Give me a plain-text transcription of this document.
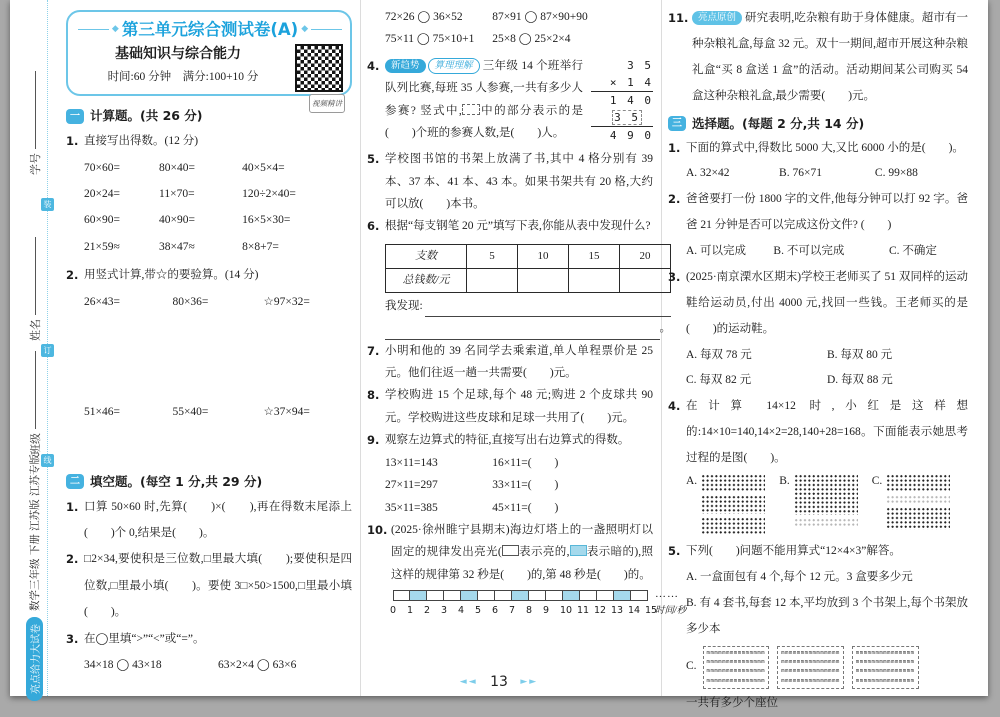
装
订
线
学号
姓名
班级
亮点给力大试卷
数学三年级 下册 江苏版 江苏专版
◆ 第三单元综合测试卷(A) ◆
基础知识与综合能力
时间:60 分钟　满分:100+10 分
视频精讲
一 计算题。(共 26 分)
1. 直接写出得数。(12 分)
70×60=	80×40=	40×5×4=
20×24=	11×70=	120÷2×40=
60×90=	40×90=	16×5×30=
21×59≈	38×47≈	8×8+7=
2. 用竖式计算,带☆的要验算。(14 分)
26×43=	80×36=	☆97×32=
51×46=	55×40=	☆37×94=
二 填空题。(每空 1 分,共 29 分)
1. 口算 50×60 时,先算(　　)×(　　),再在得数末尾添上(　　)个 0,结果是(　　)。
2. □2×34,要使积是三位数,□里最大填(　　);要使积是四位数,□里最小填(　　)。要使 3□×50>1500,□里最小填(　　)。
3. 在◯里填“>”“<”或“=”。
34×18 ◯ 43×18	63×2×4 ◯ 63×6
72×26 ◯ 36×52	87×91 ◯ 87×90+90
75×11 ◯ 75×10+1	25×8 ◯ 25×2×4
4.	3 5
× 1 4
1 4 0
3 5
4 9 0
新趋势 算理理解 三年级 14 个班举行队列比赛,每班 35 人参赛,一共有多少人参赛? 竖式中, 中的部分表示的是(　　)个班的参赛人数,是(　　)人。
5. 学校图书馆的书架上放满了书,其中 4 格分别有 39 本、37 本、41 本、43 本。如果书架共有 20 格,大约可以放(　　)本书。
6. 根据“每支钢笔 20 元”填写下表,你能从表中发现什么?
支数	5	10	15	20
总钱数/元				
我发现:
。
7. 小明和他的 39 名同学去乘索道,单人单程票价是 25 元。他们往返一趟一共需要(　　)元。
8. 学校购进 15 个足球,每个 48 元;购进 2 个皮球共 90 元。学校购进这些皮球和足球一共用了(　　)元。
9. 观察左边算式的特征,直接写出右边算式的得数。
13×11=143	16×11=(　　)
27×11=297	33×11=(　　)
35×11=385	45×11=(　　)
10. (2025·徐州睢宁县期末)海边灯塔上的一盏照明灯以固定的规律发出亮光( 表示亮的, 表示暗的),照这样的规律第 32 秒是(　　)的,第 48 秒是(　　)的。
0 1 2 3 4 5 6 7 8 9 10 11 12 13 14 15
……
时间/秒
11.	亮点原创 研究表明,吃杂粮有助于身体健康。超市有一种杂粮礼盒,每盒 32 元。双十一期间,超市开展这种杂粮礼盒“买 8 盒送 1 盒”的活动。活动期间某公司购买 54 盒这种杂粮礼盒,最少需要(　　)元。
三 选择题。(每题 2 分,共 14 分)
1. 下面的算式中,得数比 5000 大,又比 6000 小的是(　　)。
A. 32×42	B. 76×71	C. 99×88
2. 爸爸要打一份 1800 字的文件,他每分钟可以打 92 字。爸爸 21 分钟是否可以完成这份文件? (　　)
A. 可以完成	B. 不可以完成	C. 不确定
3. (2025·南京溧水区期末)学校王老师买了 51 双同样的运动鞋给运动员,付出 4000 元,找回一些钱。王老师买的是(　　)的运动鞋。
A. 每双 78 元	B. 每双 80 元
C. 每双 82 元	D. 每双 88 元
4. 在计算 14×12 时,小红是这样想的:14×10=140,14×2=28,140+28=168。下面能表示她思考过程的是图(　　)。
A.	B.	C.
5. 下列(　　)问题不能用算式“12×4×3”解答。
A. 一盒面包有 4 个,每个 12 元。3 盒要多少元
B. 有 4 套书,每套 12 本,平均放到 3 个书架上,每个书架放多少本
C.
mmmmmmmmmmmmmmm
mmmmmmmmmmmmmmm
mmmmmmmmmmmmmmm
mmmmmmmmmmmmmmm
mmmmmmmmmmmmmmm
mmmmmmmmmmmmmmm
mmmmmmmmmmmmmmm
mmmmmmmmmmmmmmm
mmmmmmmmmmmmmmm
mmmmmmmmmmmmmmm
mmmmmmmmmmmmmmm
mmmmmmmmmmmmmmm
一共有多少个座位
◄◄ 13 ►►
